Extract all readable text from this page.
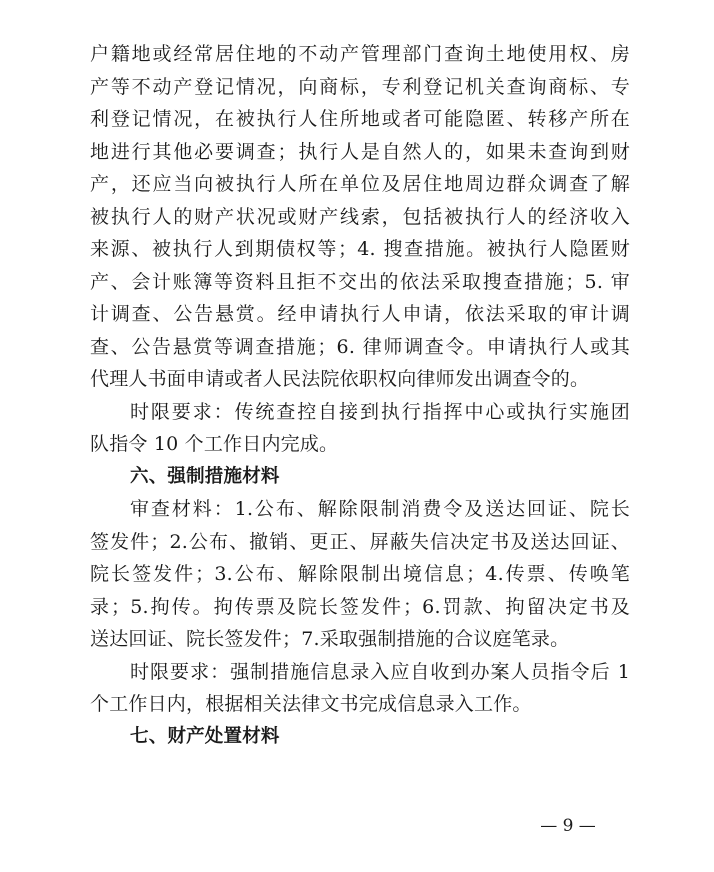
户籍地或经常居住地的不动产管理部门查询土地使用权、房
产等不动产登记情况，向商标，专利登记机关查询商标、专
利登记情况，在被执行人住所地或者可能隐匿、转移产所在
地进行其他必要调查；执行人是自然人的，如果未查询到财
产，还应当向被执行人所在单位及居住地周边群众调查了解
被执行人的财产状况或财产线索，包括被执行人的经济收入
来源、被执行人到期债权等；4. 搜查措施。被执行人隐匿财
产、会计账簿等资料且拒不交出的依法采取搜查措施；5. 审
计调查、公告悬赏。经申请执行人申请，依法采取的审计调
查、公告悬赏等调查措施；6. 律师调查令。申请执行人或其
代理人书面申请或者人民法院依职权向律师发出调查令的。
时限要求：传统查控自接到执行指挥中心或执行实施团
队指令 10 个工作日内完成。
六、强制措施材料
审查材料：1.公布、解除限制消费令及送达回证、院长
签发件；2.公布、撤销、更正、屏蔽失信决定书及送达回证、
院长签发件；3.公布、解除限制出境信息；4.传票、传唤笔
录；5.拘传。拘传票及院长签发件；6.罚款、拘留决定书及
送达回证、院长签发件；7.采取强制措施的合议庭笔录。
时限要求：强制措施信息录入应自收到办案人员指令后 1
个工作日内，根据相关法律文书完成信息录入工作。
七、财产处置材料
— 9 —
